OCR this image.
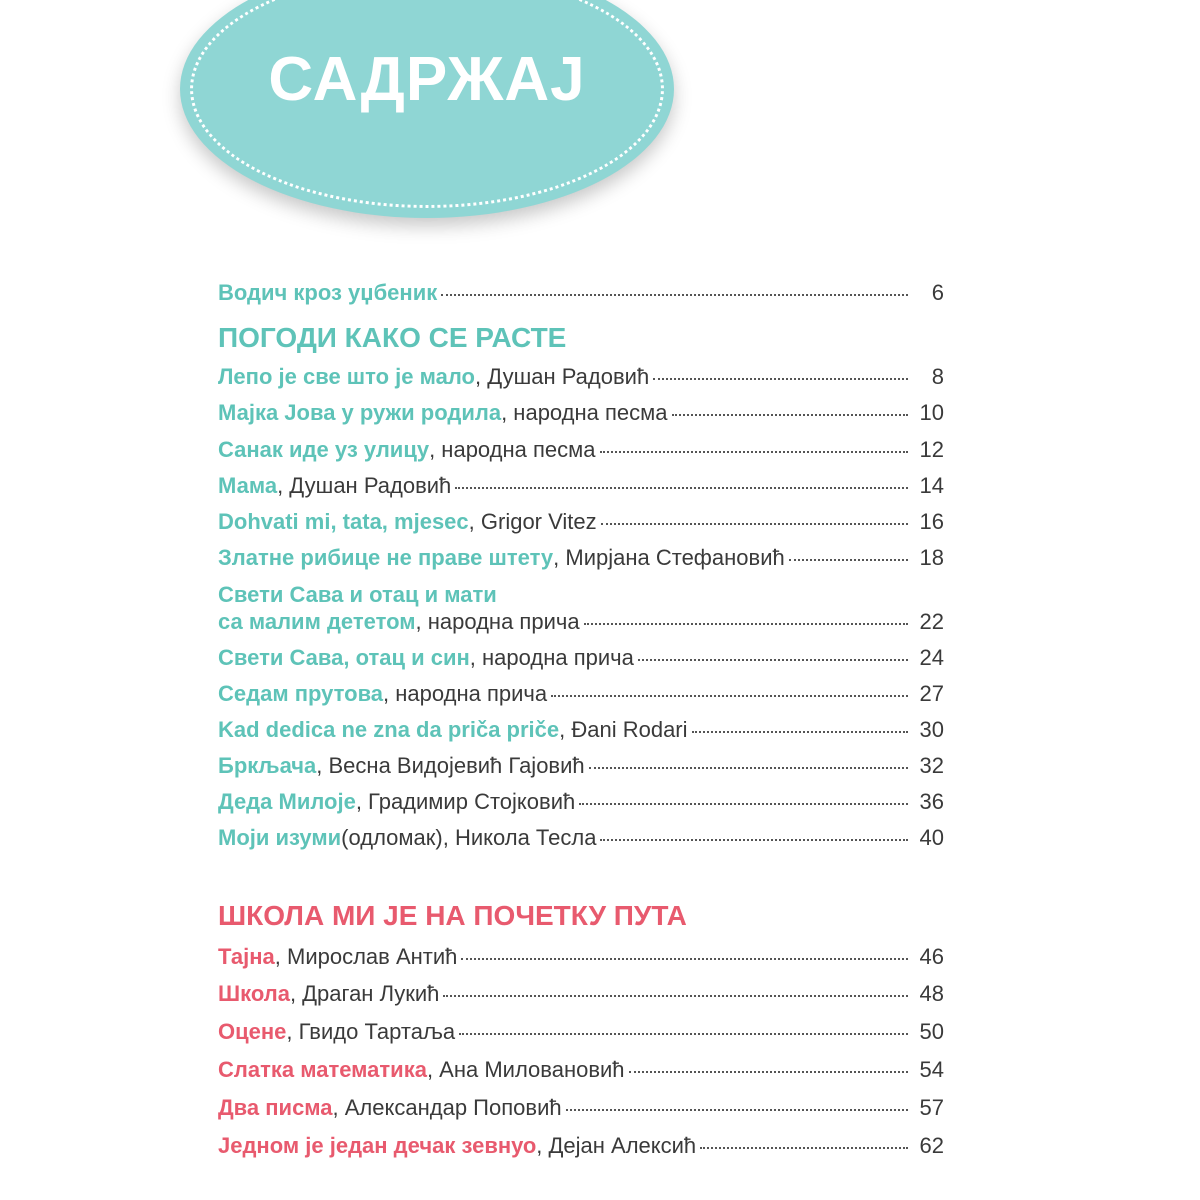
САДРЖАЈ
Водич кроз уџбеник	6
ПОГОДИ КАКО СЕ РАСТЕ
Лепо је све што је мало , Душан Радовић	8
Мајка Јова у ружи родила , народна песма	10
Санак иде уз улицу , народна песма	12
Мама , Душан Радовић	14
Dohvati mi, tata, mjesec , Grigor Vitez	16
Златне рибице не праве штету , Мирјана Стефановић	18
Свети Сава и отац и мати
са малим дететом , народна прича	22
Свети Сава, отац и син , народна прича	24
Седам прутова , народна прича	27
Kad dedica ne zna da priča priče , Đani Rodari	30
Бркљача , Весна Видојевић Гајовић	32
Деда Милоје , Градимир Стојковић	36
Моји изуми (одломак), Никола Тесла	40
ШКОЛА МИ ЈЕ НА ПОЧЕТКУ ПУТА
Тајна , Мирослав Антић	46
Школа , Драган Лукић	48
Оцене , Гвидо Тартаља	50
Слатка математика , Ана Миловановић	54
Два писма , Александар Поповић	57
Једном је један дечак зевнуо , Дејан Алексић	62
